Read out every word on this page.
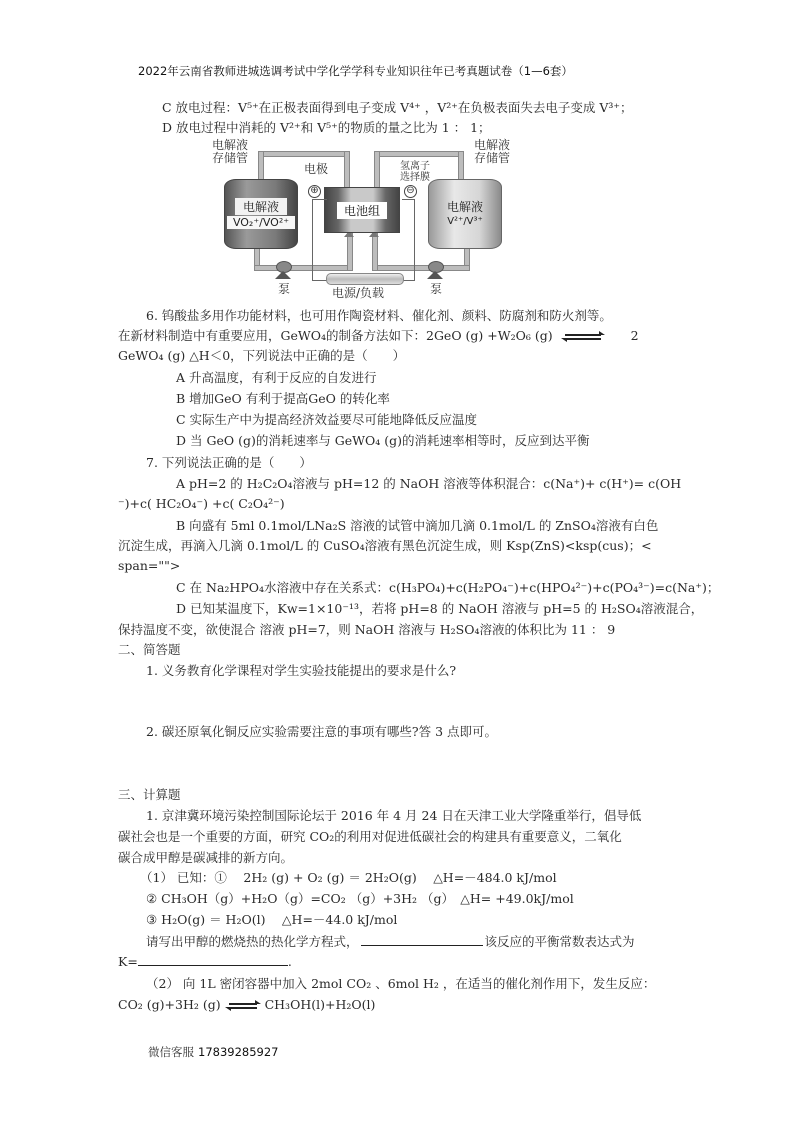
2022年云南省教师进城选调考试中学化学学科专业知识往年已考真题试卷（1—6套）
C 放电过程：V⁵⁺在正极表面得到电子变成 V⁴⁺ ，V²⁺在负极表面失去电子变成 V³⁺；
D 放电过程中消耗的 V²⁺和 V⁵⁺的物质的量之比为 1 ： 1；
电解液
VO₂⁺/VO²⁺
电解液
V²⁺/V³⁺
电解液
存储管
电解液
存储管
电极	氢离子
选择膜
电池组
⊕	⊖
电源/负载
泵	泵
6. 钨酸盐多用作功能材料，也可用作陶瓷材料、催化剂、颜料、防腐剂和防火剂等。
在新材料制造中有重要应用，GeWO₄的制备方法如下：2GeO (g) +W₂O₆ (g) ⇌ 2
GeWO₄ (g) △H＜0，下列说法中正确的是（　　）
A 升高温度，有利于反应的自发进行
B 增加GeO 有利于提高GeO 的转化率
C 实际生产中为提高经济效益要尽可能地降低反应温度
D 当 GeO (g)的消耗速率与 GeWO₄ (g)的消耗速率相等时，反应到达平衡
7. 下列说法正确的是（　　）
A pH=2 的 H₂C₂O₄溶液与 pH=12 的 NaOH 溶液等体积混合：c(Na⁺)+ c(H⁺)= c(OH
⁻)+c( HC₂O₄⁻) +c( C₂O₄²⁻)
B 向盛有 5ml 0.1mol/LNa₂S 溶液的试管中滴加几滴 0.1mol/L 的 ZnSO₄溶液有白色
沉淀生成，再滴入几滴 0.1mol/L 的 CuSO₄溶液有黑色沉淀生成，则 Ksp(ZnS)<ksp(cus)；<
span="">
C 在 Na₂HPO₄水溶液中存在关系式：c(H₃PO₄)+c(H₂PO₄⁻)+c(HPO₄²⁻)+c(PO₄³⁻)=c(Na⁺)；
D 已知某温度下，Kw=1×10⁻¹³，若将 pH=8 的 NaOH 溶液与 pH=5 的 H₂SO₄溶液混合，
保持温度不变，欲使混合 溶液 pH=7，则 NaOH 溶液与 H₂SO₄溶液的体积比为 11 ： 9
二、简答题
1. 义务教育化学课程对学生实验技能提出的要求是什么?
2. 碳还原氧化铜反应实验需要注意的事项有哪些?答 3 点即可。
三、计算题
1. 京津冀环境污染控制国际论坛于 2016 年 4 月 24 日在天津工业大学隆重举行，倡导低
碳社会也是一个重要的方面，研究 CO₂的利用对促进低碳社会的构建具有重要意义，二氧化
碳合成甲醇是碳减排的新方向。
（1） 已知：①　 2H₂ (g) + O₂ (g) ＝ 2H₂O(g)　 △H=－484.0 kJ/mol
② CH₃OH（g）+H₂O（g）=CO₂ （g）+3H₂ （g）　△H= +49.0kJ/mol
③ H₂O(g) ＝ H₂O(l)　 △H=－44.0 kJ/mol
请写出甲醇的燃烧热的热化学方程式，	该反应的平衡常数表达式为
K=	.
（2） 向 1L 密闭容器中加入 2mol CO₂ 、6mol H₂ ，在适当的催化剂作用下，发生反应：
CO₂ (g)+3H₂ (g) ⇌ CH₃OH(l)+H₂O(l)
微信客服 17839285927
